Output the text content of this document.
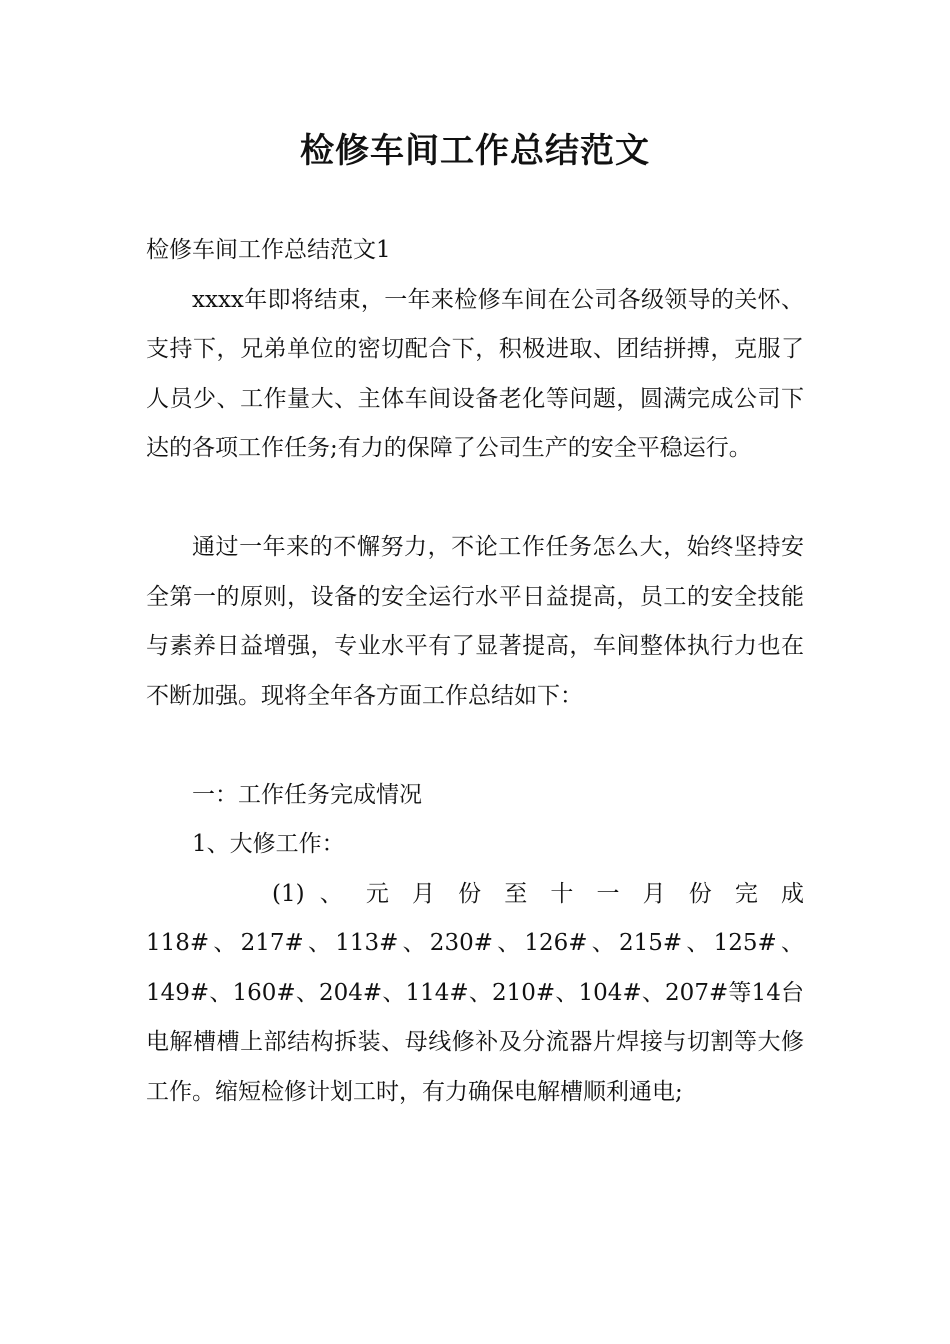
检修车间工作总结范文

检修车间工作总结范文1

xxxx年即将结束，一年来检修车间在公司各级领导的关怀、支持下，兄弟单位的密切配合下，积极进取、团结拼搏，克服了人员少、工作量大、主体车间设备老化等问题，圆满完成公司下达的各项工作任务;有力的保障了公司生产的安全平稳运行。

通过一年来的不懈努力，不论工作任务怎么大，始终坚持安全第一的原则，设备的安全运行水平日益提高，员工的安全技能与素养日益增强，专业水平有了显著提高，车间整体执行力也在不断加强。现将全年各方面工作总结如下：

一：工作任务完成情况

1、大修工作：

(1) 、 元 月 份 至 十 一 月 份 完 成
118#、217#、113#、230#、126#、215#、125#、149#、160#、204#、114#、210#、104#、207#等14台电解槽槽上部结构拆装、母线修补及分流器片焊接与切割等大修工作。缩短检修计划工时，有力确保电解槽顺利通电;
